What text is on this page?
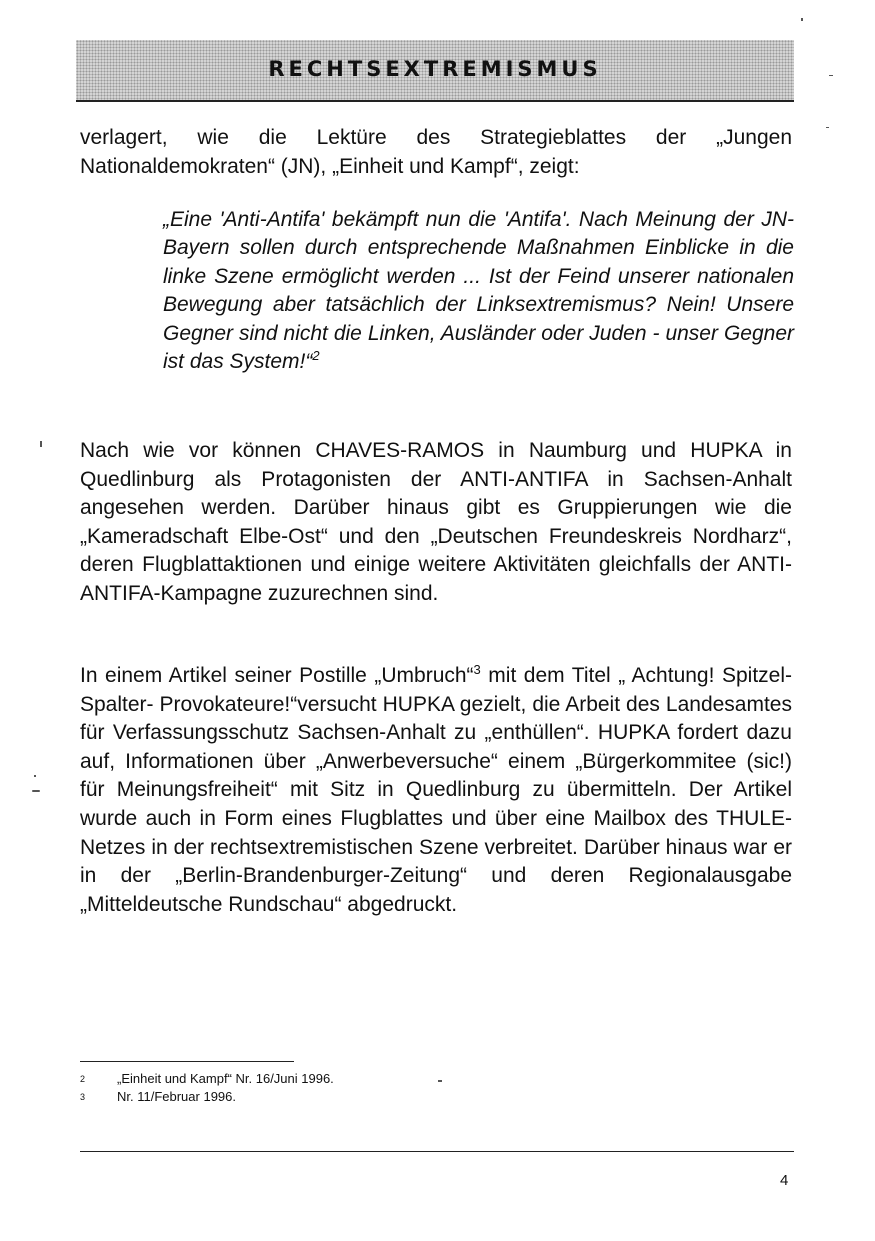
RECHTSEXTREMISMUS

verlagert, wie die Lektüre des Strategieblattes der „Jungen Nationaldemokraten“ (JN), „Einheit und Kampf“, zeigt:

„Eine 'Anti-Antifa' bekämpft nun die 'Antifa'. Nach Meinung der JN-Bayern sollen durch entsprechende Maßnahmen Einblicke in die linke Szene ermöglicht werden ... Ist der Feind unserer nationalen Bewegung aber tatsächlich der Linksextremismus? Nein! Unsere Gegner sind nicht die Linken, Ausländer oder Juden - unser Gegner ist das System!“$^2$

Nach wie vor können CHAVES-RAMOS in Naumburg und HUPKA in Quedlinburg als Protagonisten der ANTI-ANTIFA in Sachsen-Anhalt angesehen werden. Darüber hinaus gibt es Gruppierungen wie die „Kameradschaft Elbe-Ost“ und den „Deutschen Freundeskreis Nordharz“, deren Flugblattaktionen und einige weitere Aktivitäten gleichfalls der ANTI-ANTIFA-Kampagne zuzurechnen sind.

In einem Artikel seiner Postille „Umbruch“$^3$ mit dem Titel „ Achtung! Spitzel- Spalter- Provokateure!“versucht HUPKA gezielt, die Arbeit des Landesamtes für Verfassungsschutz Sachsen-Anhalt zu „enthüllen“. HUPKA fordert dazu auf, Informationen über „Anwerbeversuche“ einem „Bürgerkommitee (sic!) für Meinungsfreiheit“ mit Sitz in Quedlinburg zu übermitteln. Der Artikel wurde auch in Form eines Flugblattes und über eine Mailbox des THULE-Netzes in der rechtsextremistischen Szene verbreitet. Darüber hinaus war er in der „Berlin-Brandenburger-Zeitung“ und deren Regionalausgabe „Mitteldeutsche Rundschau“ abgedruckt.

2	„Einheit und Kampf“ Nr. 16/Juni 1996.
3	Nr. 11/Februar 1996.
4
